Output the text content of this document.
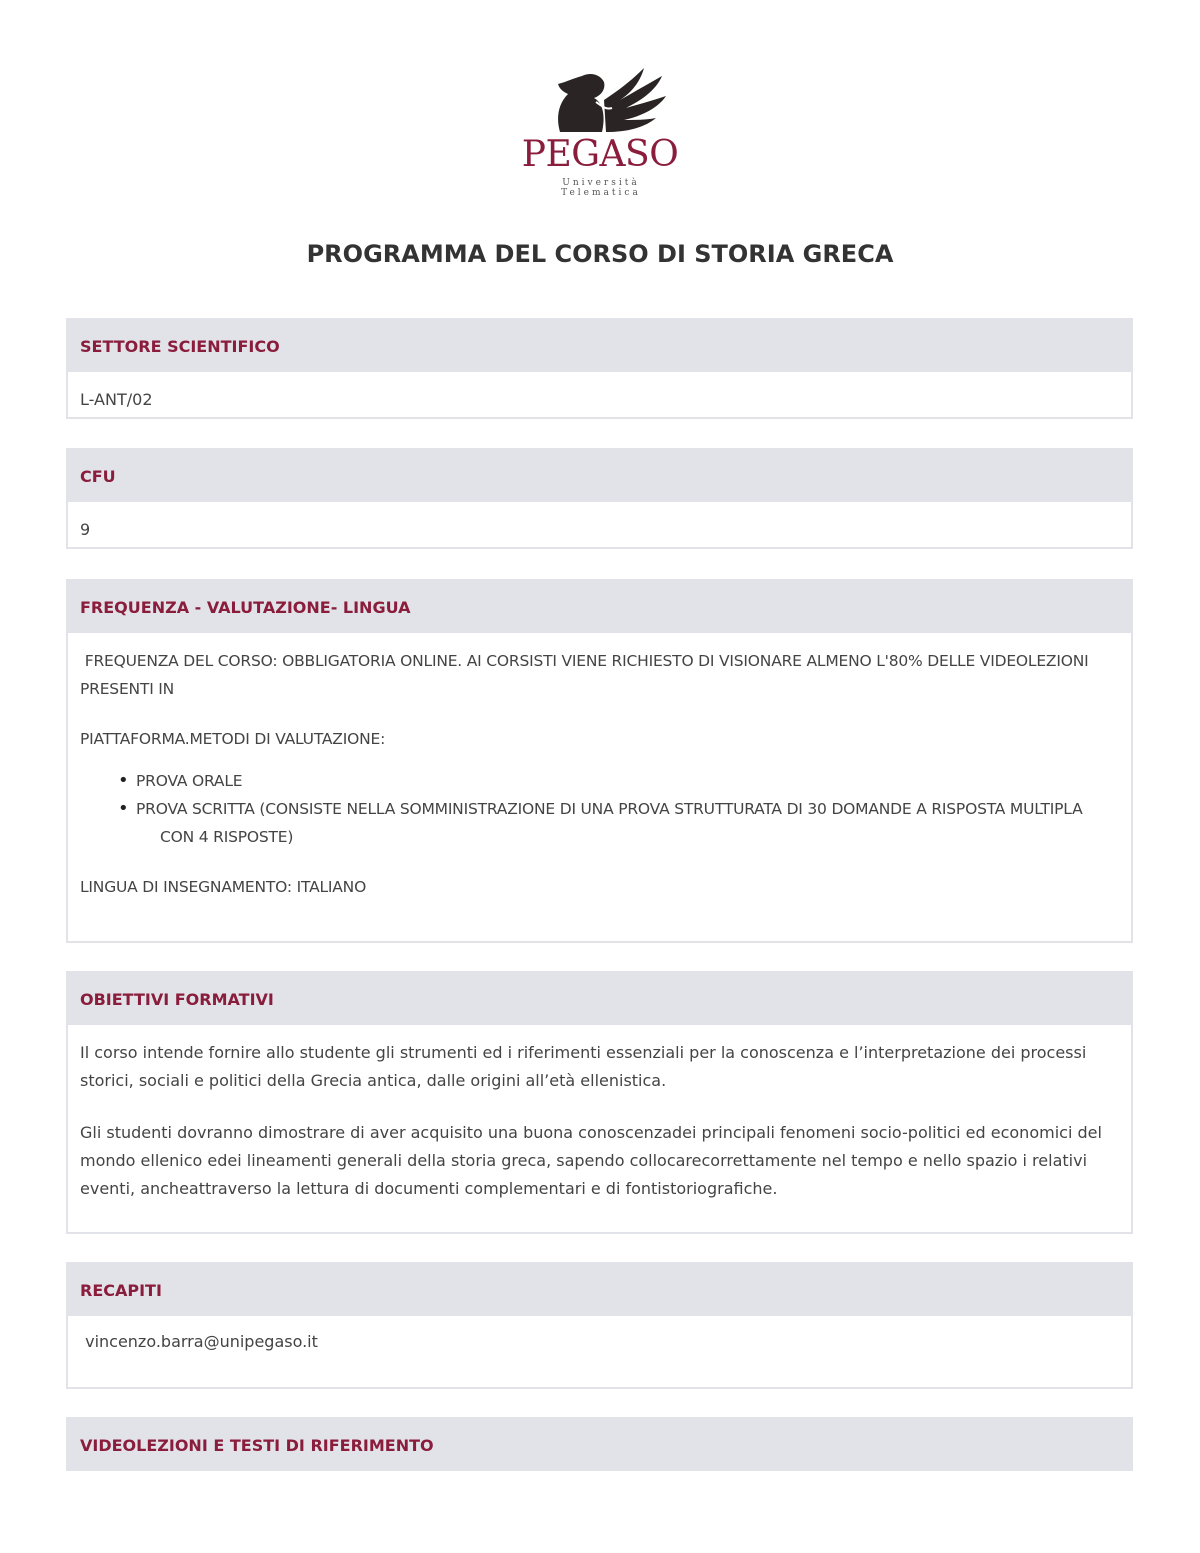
PEGASO
Università Telematica
PROGRAMMA DEL CORSO DI STORIA GRECA
SETTORE SCIENTIFICO
L-ANT/02
CFU
9
FREQUENZA - VALUTAZIONE- LINGUA
FREQUENZA DEL CORSO: OBBLIGATORIA ONLINE. AI CORSISTI VIENE RICHIESTO DI VISIONARE ALMENO L'80% DELLE VIDEOLEZIONI PRESENTI IN
PIATTAFORMA.METODI DI VALUTAZIONE:
• PROVA ORALE
• PROVA SCRITTA (CONSISTE NELLA SOMMINISTRAZIONE DI UNA PROVA STRUTTURATA DI 30 DOMANDE A RISPOSTA MULTIPLA CON 4 RISPOSTE)
LINGUA DI INSEGNAMENTO: ITALIANO
OBIETTIVI FORMATIVI
Il corso intende fornire allo studente gli strumenti ed i riferimenti essenziali per la conoscenza e l’interpretazione dei processi storici, sociali e politici della Grecia antica, dalle origini all’età ellenistica.
Gli studenti dovranno dimostrare di aver acquisito una buona conoscenzadei principali fenomeni socio-politici ed economici del mondo ellenico edei lineamenti generali della storia greca, sapendo collocarecorrettamente nel tempo e nello spazio i relativi eventi, ancheattraverso la lettura di documenti complementari e di fontistoriografiche.
RECAPITI
vincenzo.barra@unipegaso.it
VIDEOLEZIONI E TESTI DI RIFERIMENTO
